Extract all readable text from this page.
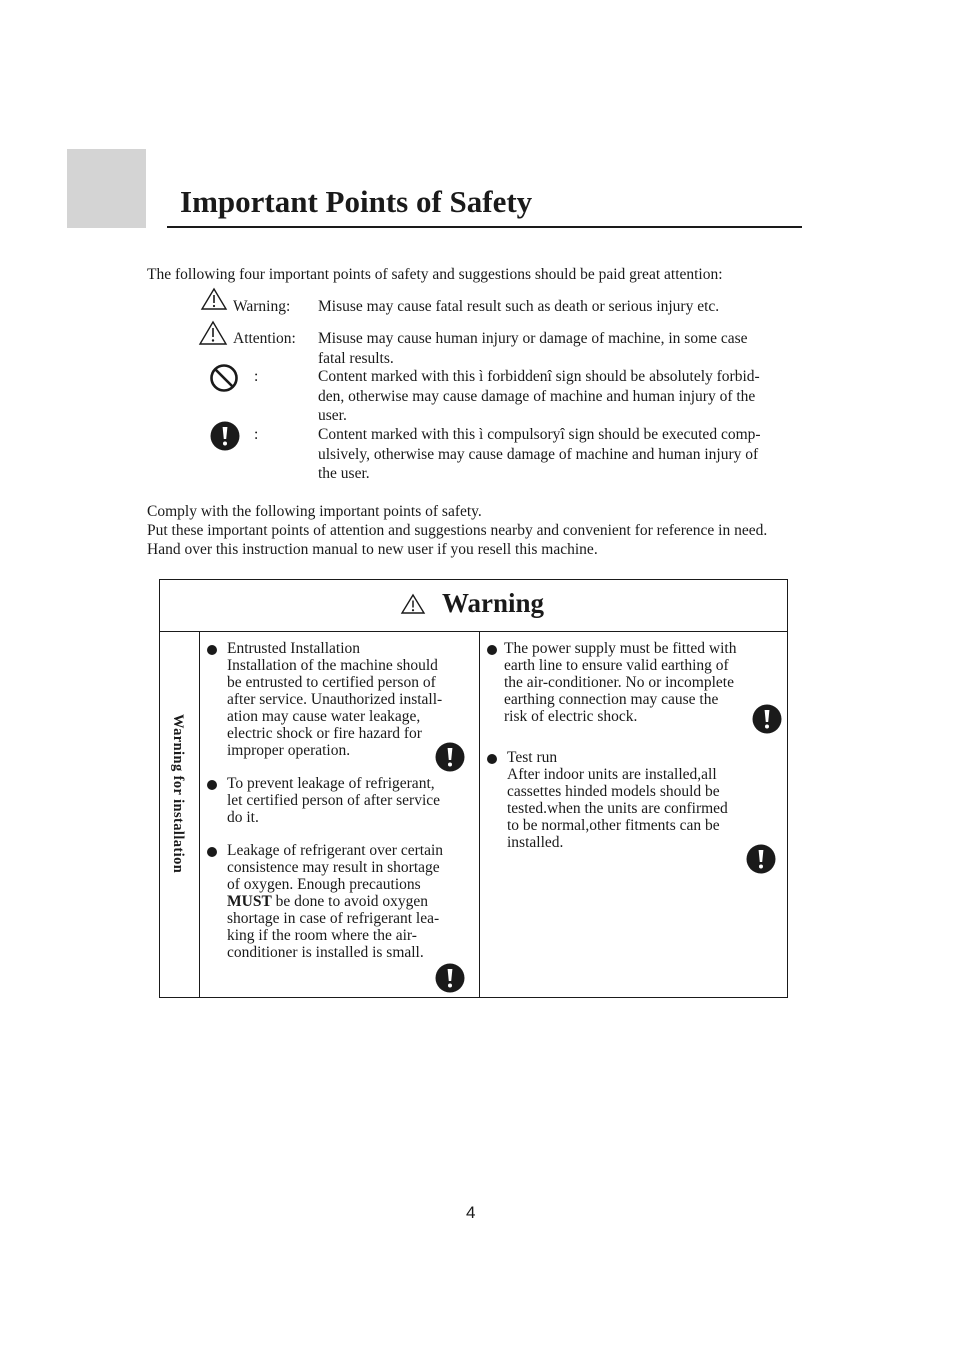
Important Points of Safety
The following four important points of safety and suggestions should be paid great attention:
Warning: Misuse may cause fatal result such as death or serious injury etc.
Attention: Misuse may cause human injury or damage of machine, in some case
fatal results.
:	Content marked with this ì forbiddenî sign should be absolutely forbid-
den, otherwise may cause damage of machine and human injury of the
user.
:	Content marked with this ì compulsoryî sign should be executed comp-
ulsively, otherwise may cause damage of machine and human injury of
the user.
Comply with the following important points of safety.
Put these important points of attention and suggestions nearby and convenient for reference in need.
Hand over this instruction manual to new user if you resell this machine.
Warning
Warning for installation
Entrusted Installation
Installation of the machine should
be entrusted to certified person of
after service. Unauthorized install-
ation may cause water leakage,
electric shock or fire hazard for
improper operation.
To prevent leakage of refrigerant,
let certified person of after service
do it.
Leakage of refrigerant over certain
consistence may result in shortage
of oxygen. Enough precautions
MUST be done to avoid oxygen
shortage in case of refrigerant lea-
king if the room where the air-
conditioner is installed is small.
The power supply must be fitted with
earth line to ensure valid earthing of
the air-conditioner. No or incomplete
earthing connection may cause the
risk of electric shock.
Test run
After indoor units are installed,all
cassettes hinded models should be
tested.when the units are confirmed
to be normal,other fitments can be
installed.
4
